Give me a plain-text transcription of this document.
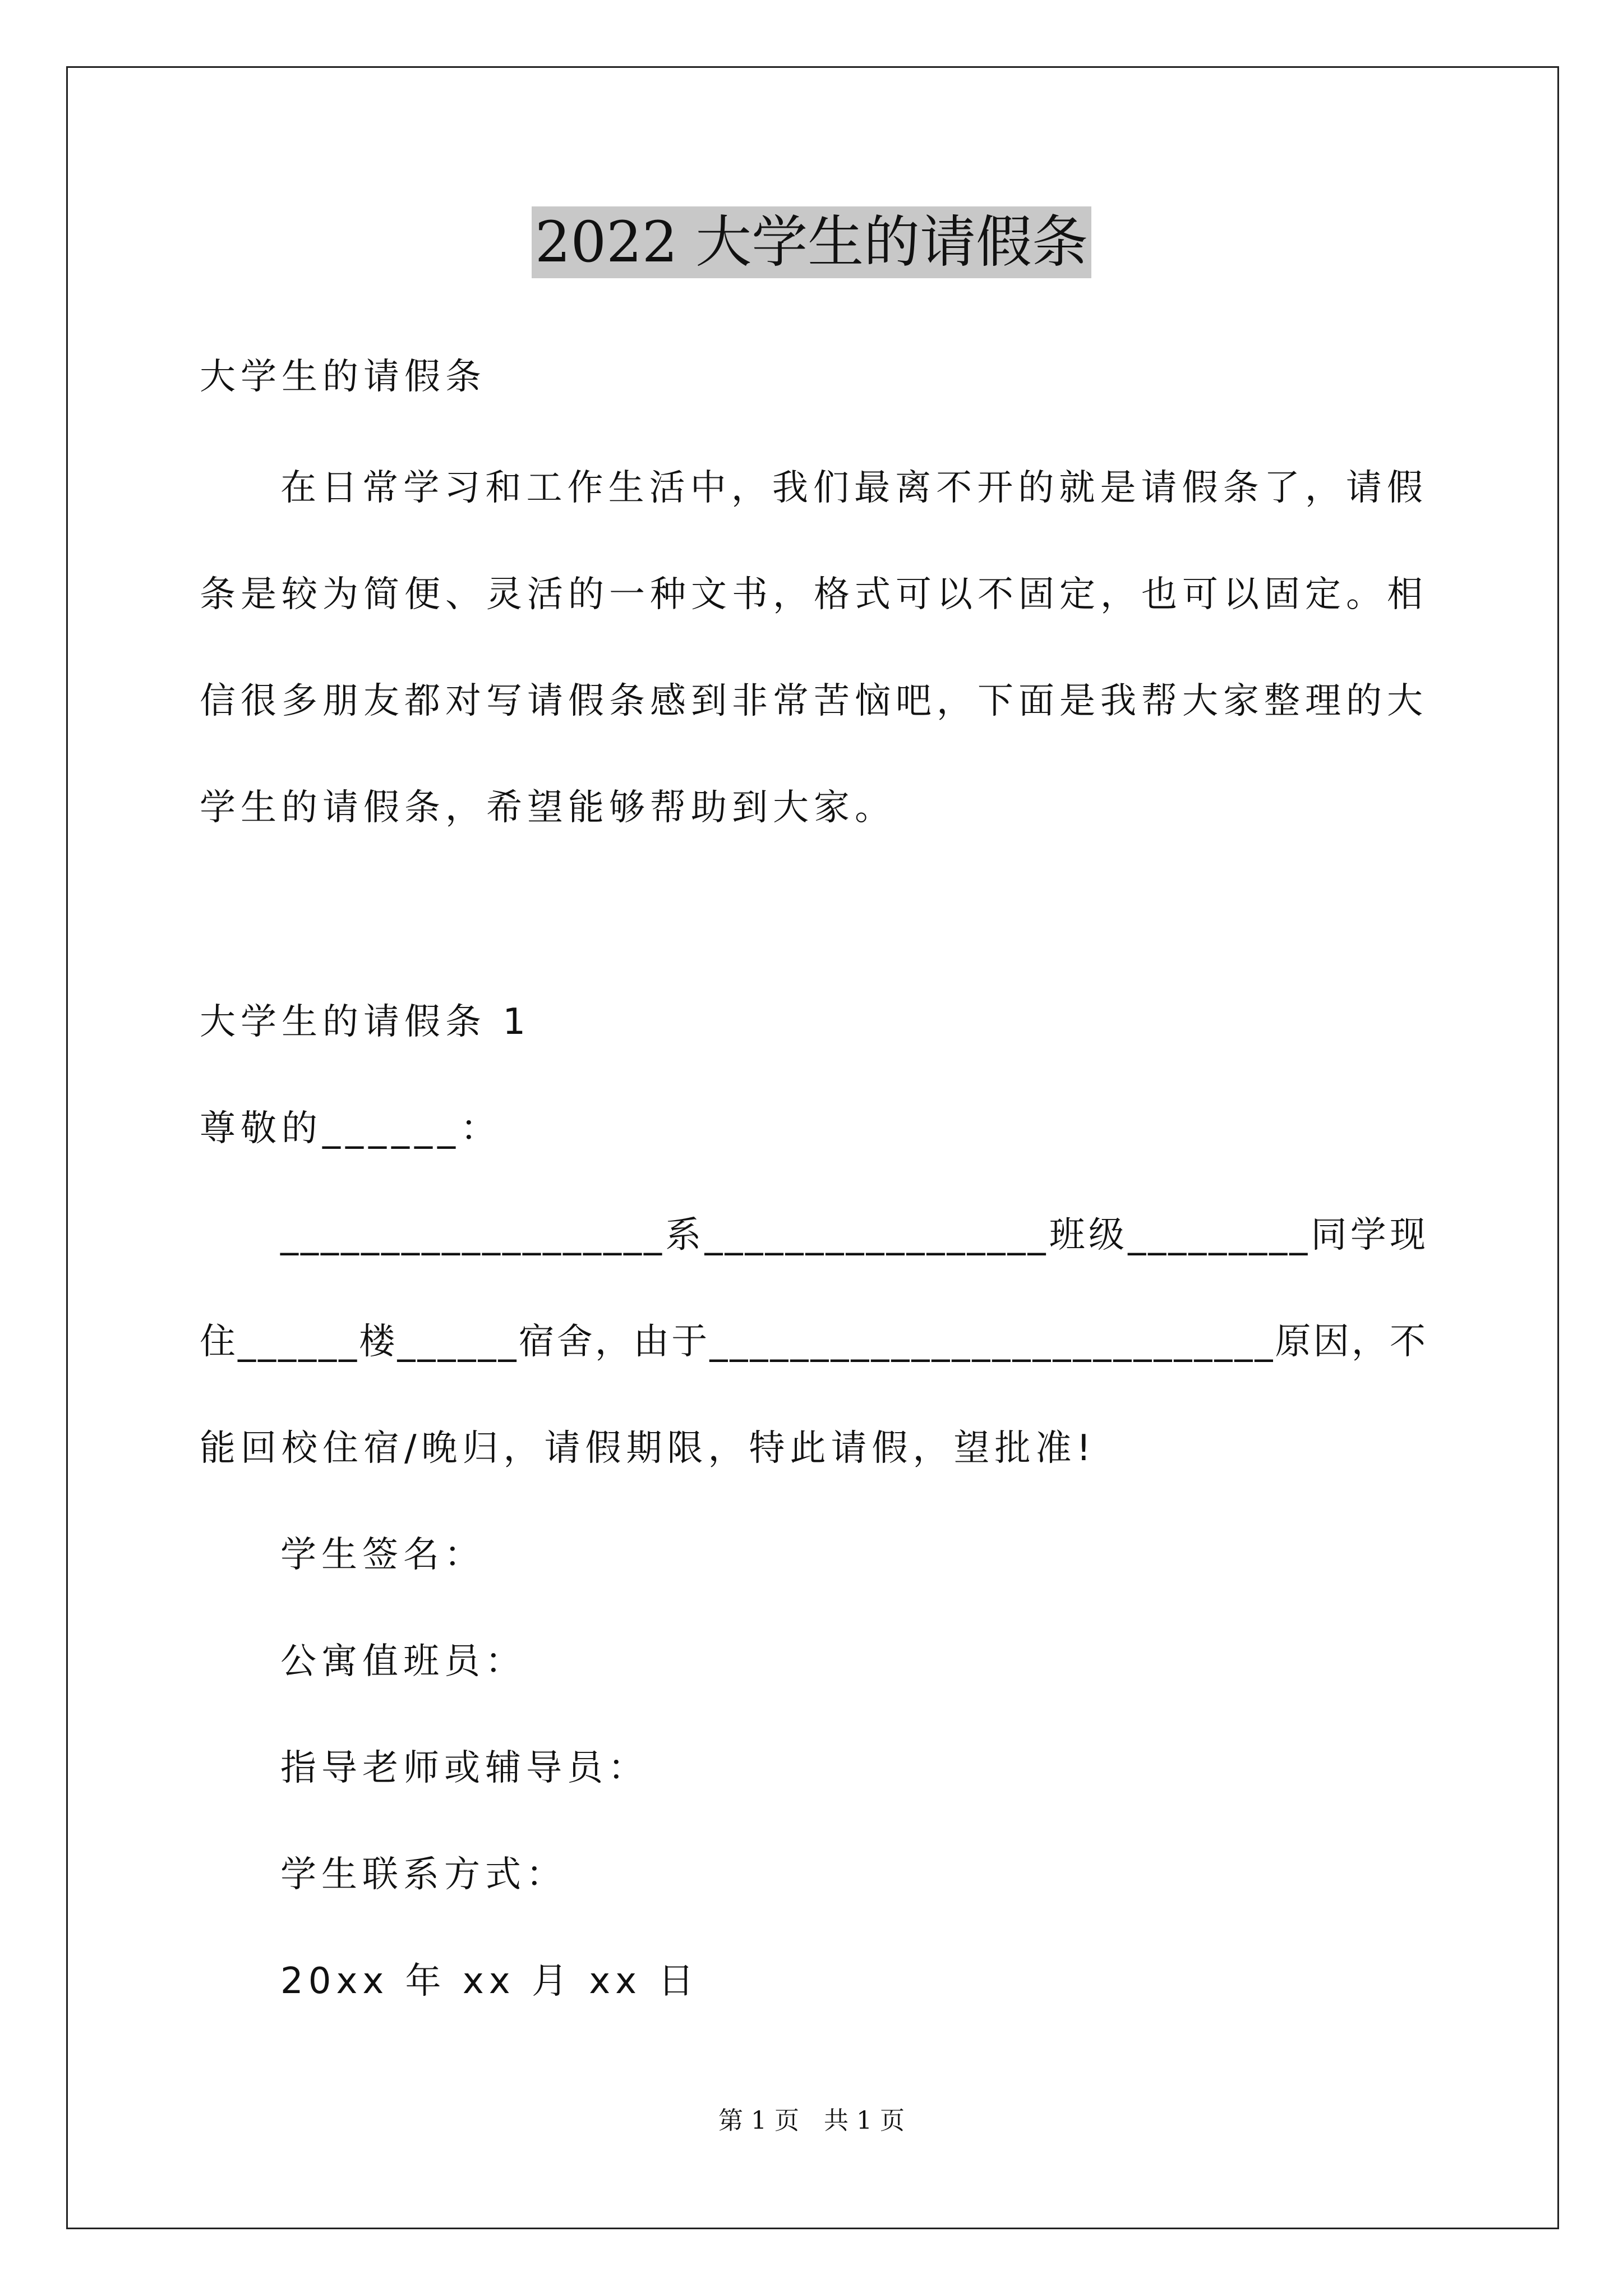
2022 大学生的请假条
大学生的请假条
在日常学习和工作生活中，我们最离不开的就是请假条了，请假
条是较为简便、灵活的一种文书，格式可以不固定，也可以固定。相
信很多朋友都对写请假条感到非常苦恼吧，下面是我帮大家整理的大
学生的请假条，希望能够帮助到大家。
大学生的请假条 1
尊敬的______：
___________________系_________________班级_________同学现
住______楼______宿舍，由于____________________________原因，不
能回校住宿/晚归，请假期限，特此请假，望批准!
学生签名：
公寓值班员：
指导老师或辅导员：
学生联系方式：
20xx 年 xx 月 xx 日
第 1 页　共 1 页
